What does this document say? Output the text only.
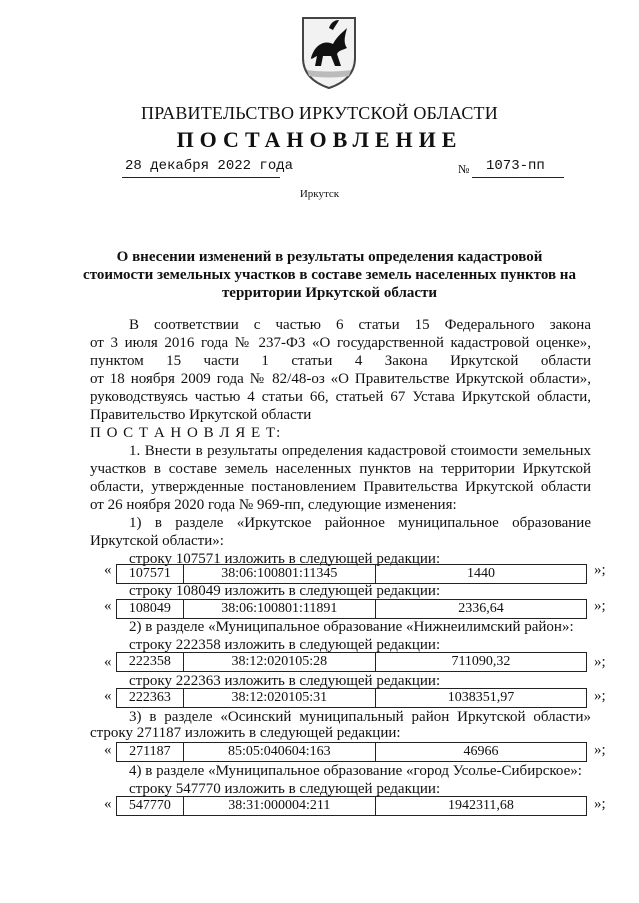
ПРАВИТЕЛЬСТВО ИРКУТСКОЙ ОБЛАСТИ
ПОСТАНОВЛЕНИЕ
28 декабря 2022 года	№ 1073-пп
Иркутск
О внесении изменений в результаты определения кадастровой стоимости земельных участков в составе земель населенных пунктов на территории Иркутской области
В соответствии с частью 6 статьи 15 Федерального закона
от 3 июля 2016 года № 237-ФЗ «О государственной кадастровой оценке»,
пунктом 15 части 1 статьи 4 Закона Иркутской области
от 18 ноября 2009 года № 82/48-оз «О Правительстве Иркутской области»,
руководствуясь частью 4 статьи 66, статьей 67 Устава Иркутской области,
Правительство Иркутской области
П О С Т А Н О В Л Я Е Т:
1. Внести в результаты определения кадастровой стоимости земельных
участков в составе земель населенных пунктов на территории Иркутской
области, утвержденные постановлением Правительства Иркутской области
от 26 ноября 2020 года № 969-пп, следующие изменения:
1) в разделе «Иркутское районное муниципальное образование
Иркутской области»:
строку 107571 изложить в следующей редакции:
«	107571	38:06:100801:11345	1440	»;
строку 108049 изложить в следующей редакции:
«	108049	38:06:100801:11891	2336,64	»;
2) в разделе «Муниципальное образование «Нижнеилимский район»:
строку 222358 изложить в следующей редакции:
«	222358	38:12:020105:28	711090,32	»;
строку 222363 изложить в следующей редакции:
«	222363	38:12:020105:31	1038351,97	»;
3) в разделе «Осинский муниципальный район Иркутской области»
строку 271187 изложить в следующей редакции:
«	271187	85:05:040604:163	46966	»;
4) в разделе «Муниципальное образование «город Усолье-Сибирское»:
строку 547770 изложить в следующей редакции:
«	547770	38:31:000004:211	1942311,68	»;
